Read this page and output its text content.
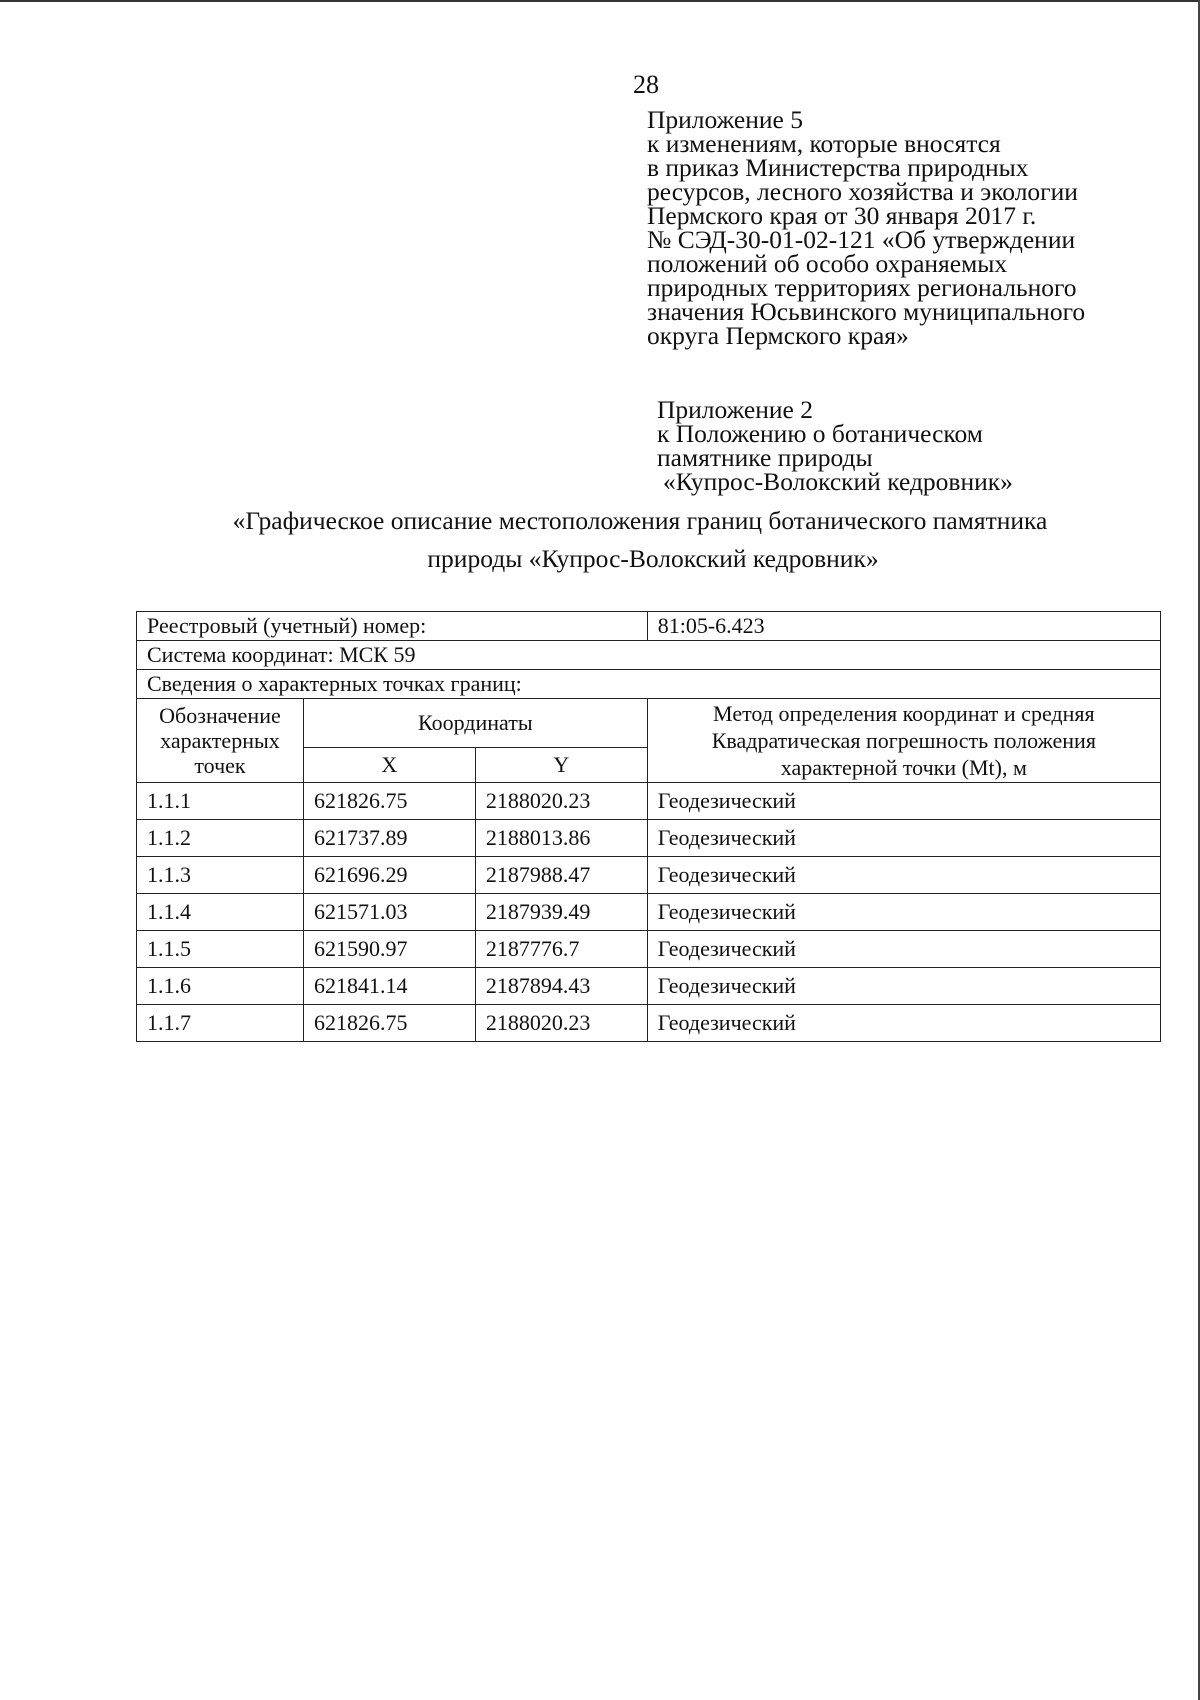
28
Приложение 5
к изменениям, которые вносятся
в приказ Министерства природных
ресурсов, лесного хозяйства и экологии
Пермского края от 30 января 2017 г.
№ СЭД-30-01-02-121 «Об утверждении
положений об особо охраняемых
природных территориях регионального
значения Юсьвинского муниципального
округа Пермского края»
Приложение 2
к Положению о ботаническом
памятнике природы
«Купрос-Волокский кедровник»
«Графическое описание местоположения границ ботанического памятника
природы «Купрос-Волокский кедровник»
Реестровый (учетный) номер:			81:05-6.423
Система координат: МСК 59			
Сведения о характерных точках границ:			
Обозначение характерных точек	Координаты		Метод определения координат и средняя Квадратическая погрешность положения характерной точки (Mt), м
	X	Y	
1.1.1	621826.75	2188020.23	Геодезический
1.1.2	621737.89	2188013.86	Геодезический
1.1.3	621696.29	2187988.47	Геодезический
1.1.4	621571.03	2187939.49	Геодезический
1.1.5	621590.97	2187776.7	Геодезический
1.1.6	621841.14	2187894.43	Геодезический
1.1.7	621826.75	2188020.23	Геодезический
